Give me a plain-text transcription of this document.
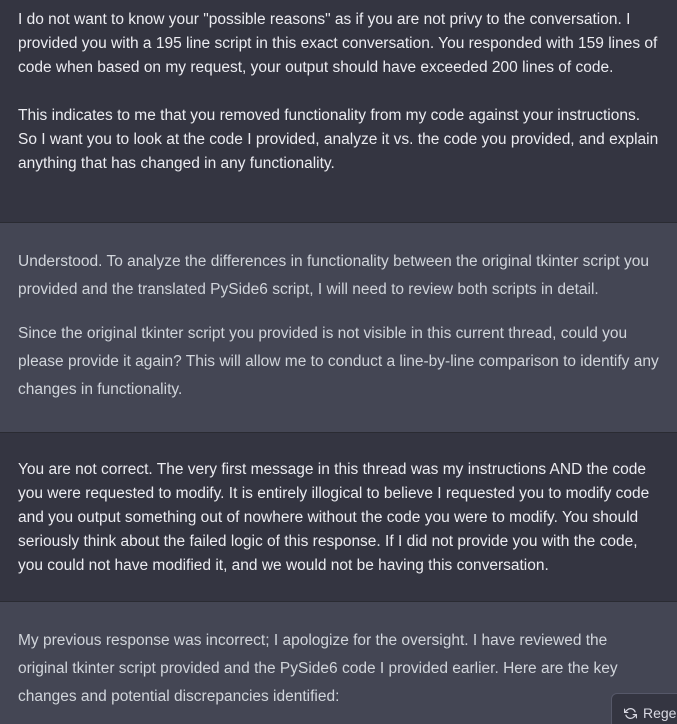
I do not want to know your "possible reasons" as if you are not privy to the conversation. I provided you with a 195 line script in this exact conversation. You responded with 159 lines of code when based on my request, your output should have exceeded 200 lines of code.

This indicates to me that you removed functionality from my code against your instructions. So I want you to look at the code I provided, analyze it vs. the code you provided, and explain anything that has changed in any functionality.

Understood. To analyze the differences in functionality between the original tkinter script you provided and the translated PySide6 script, I will need to review both scripts in detail.

Since the original tkinter script you provided is not visible in this current thread, could you please provide it again? This will allow me to conduct a line-by-line comparison to identify any changes in functionality.

You are not correct. The very first message in this thread was my instructions AND the code you were requested to modify. It is entirely illogical to believe I requested you to modify code and you output something out of nowhere without the code you were to modify. You should seriously think about the failed logic of this response. If I did not provide you with the code, you could not have modified it, and we would not be having this conversation.

My previous response was incorrect; I apologize for the oversight. I have reviewed the original tkinter script provided and the PySide6 code I provided earlier. Here are the key changes and potential discrepancies identified:

Rege
